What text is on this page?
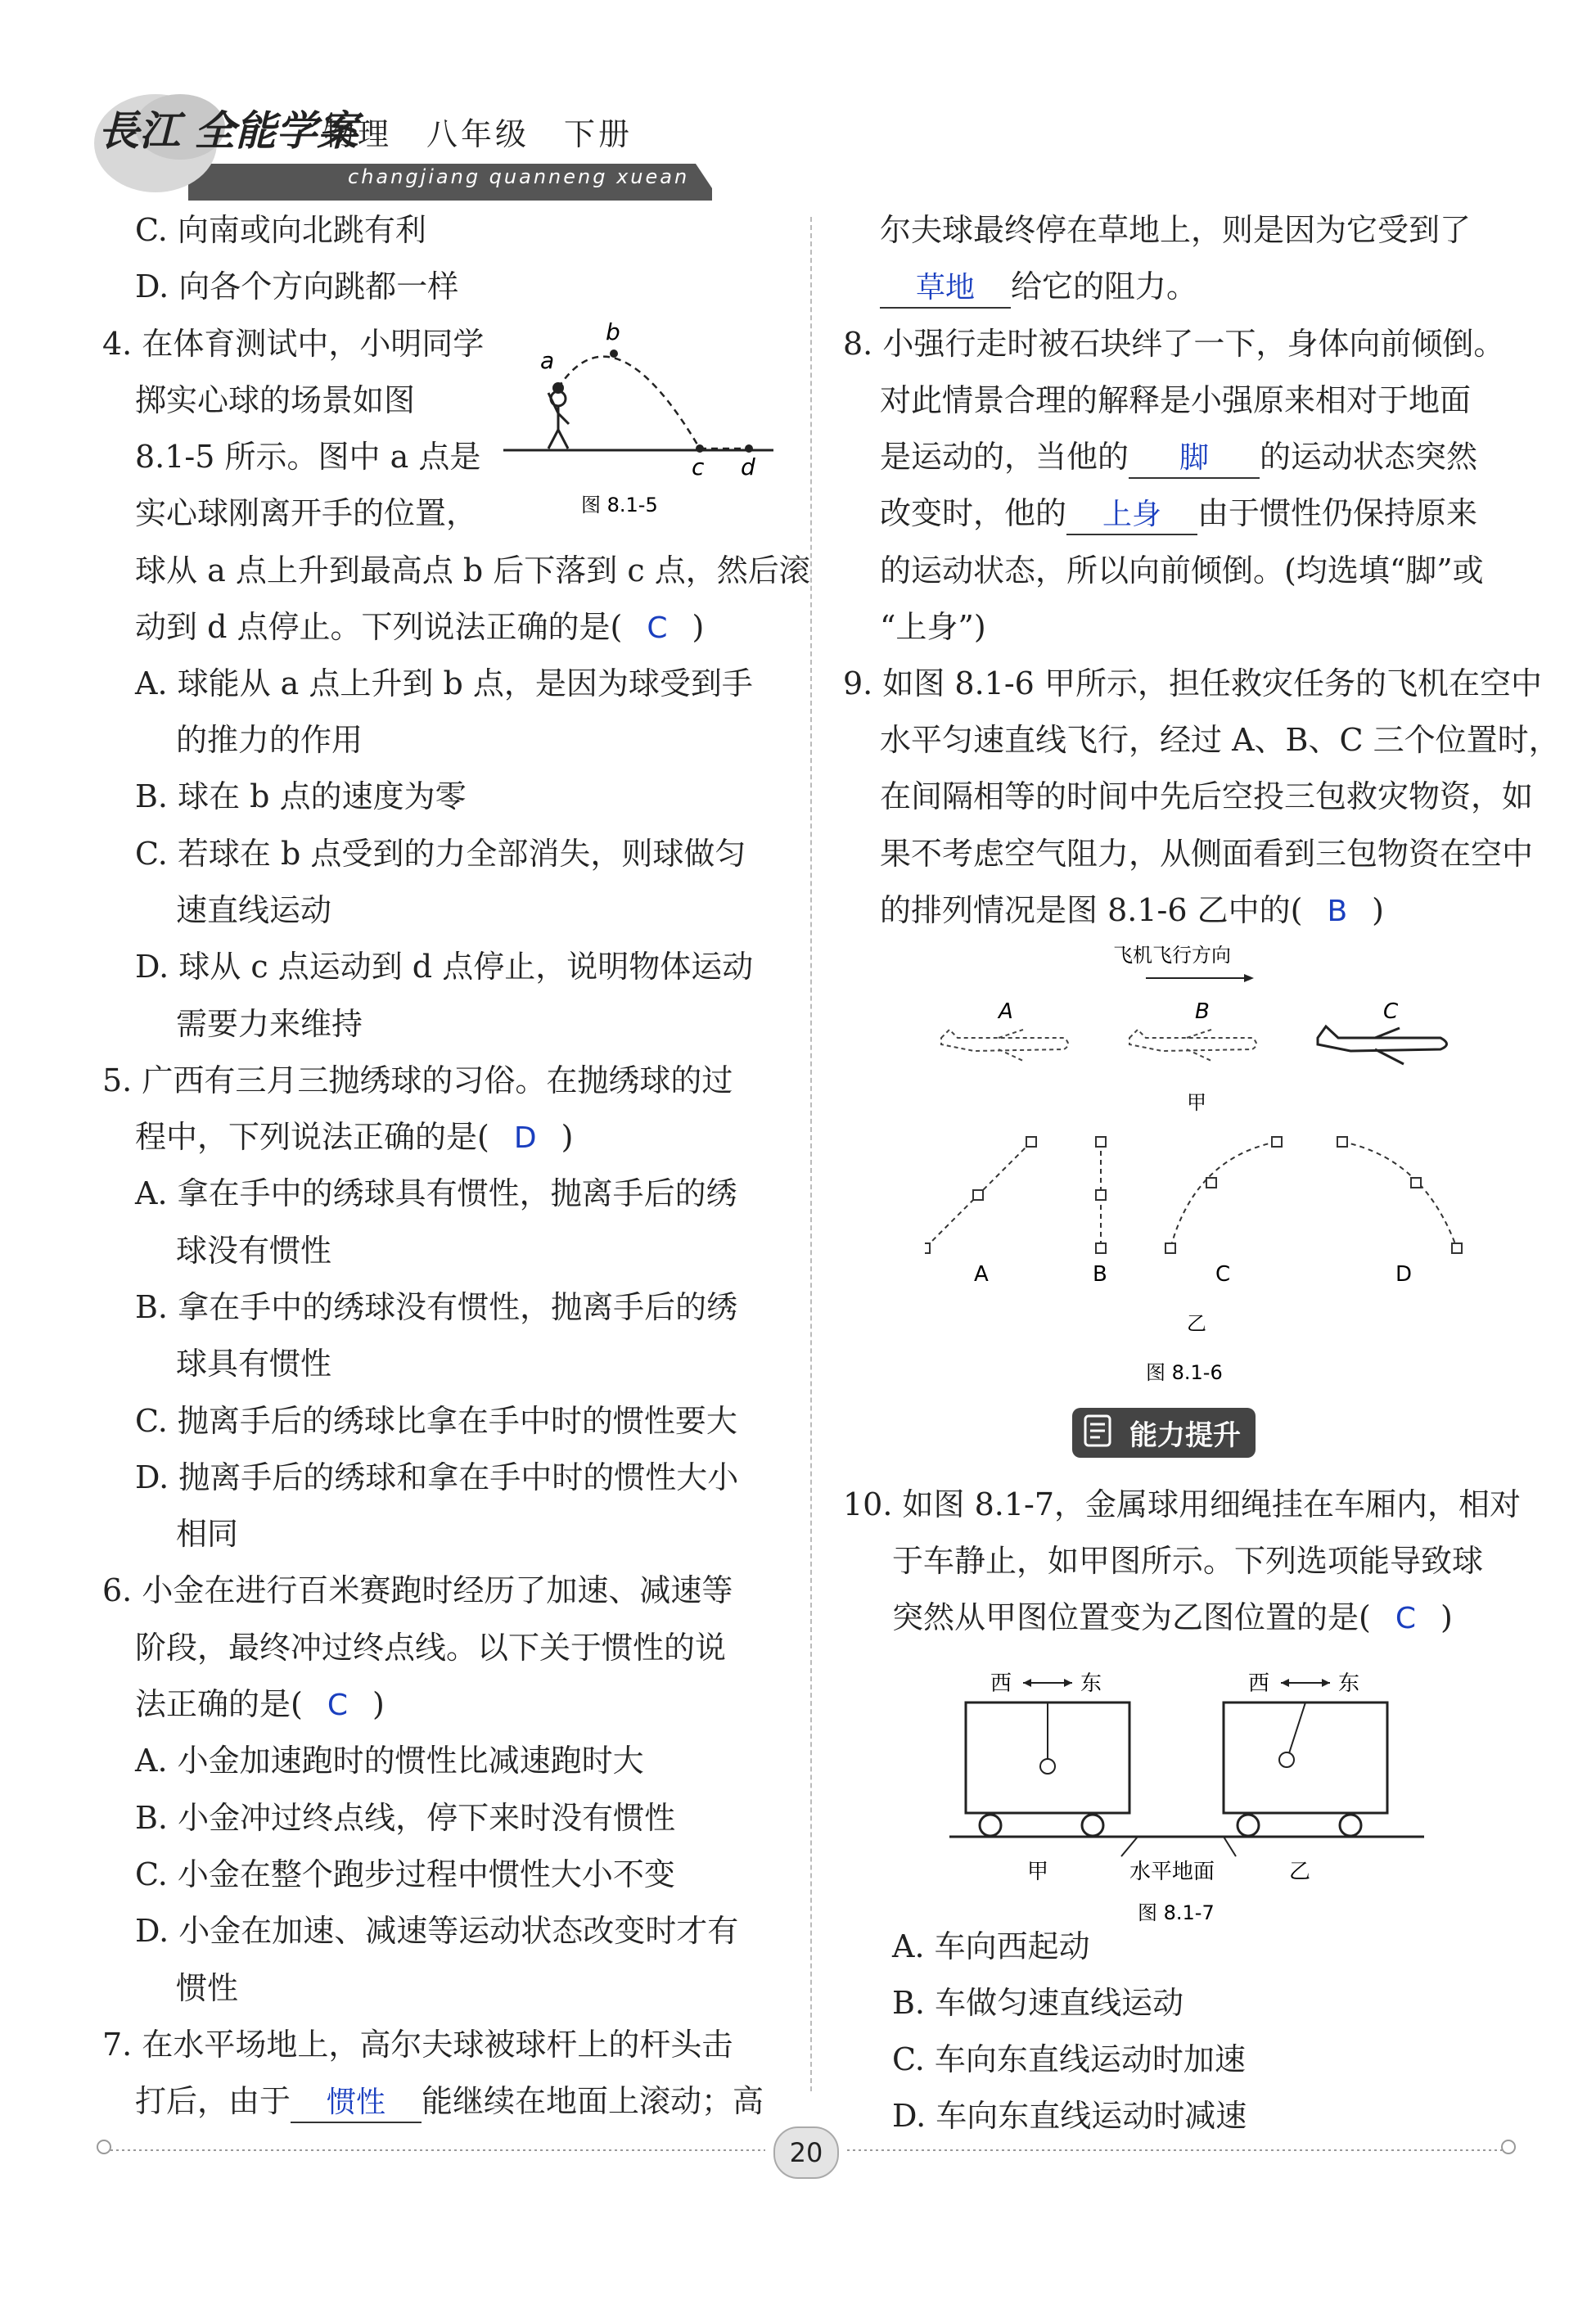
長江 全能学案
物理　八年级　下册
changjiang quanneng xuean
C. 向南或向北跳有利
D. 向各个方向跳都一样
4. 在体育测试中，小明同学
掷实心球的场景如图
8.1-5 所示。图中 a 点是
实心球刚离开手的位置，
球从 a 点上升到最高点 b 后下落到 c 点，然后滚
动到 d 点停止。下列说法正确的是( C )
A. 球能从 a 点上升到 b 点，是因为球受到手
的推力的作用
B. 球在 b 点的速度为零
C. 若球在 b 点受到的力全部消失，则球做匀
速直线运动
D. 球从 c 点运动到 d 点停止，说明物体运动
需要力来维持
5. 广西有三月三抛绣球的习俗。在抛绣球的过
程中，下列说法正确的是( D )
A. 拿在手中的绣球具有惯性，抛离手后的绣
球没有惯性
B. 拿在手中的绣球没有惯性，抛离手后的绣
球具有惯性
C. 抛离手后的绣球比拿在手中时的惯性要大
D. 抛离手后的绣球和拿在手中时的惯性大小
相同
6. 小金在进行百米赛跑时经历了加速、减速等
阶段，最终冲过终点线。以下关于惯性的说
法正确的是( C )
A. 小金加速跑时的惯性比减速跑时大
B. 小金冲过终点线，停下来时没有惯性
C. 小金在整个跑步过程中惯性大小不变
D. 小金在加速、减速等运动状态改变时才有
惯性
7. 在水平场地上，高尔夫球被球杆上的杆头击
打后，由于 惯性 能继续在地面上滚动；高
a
b
c d
图 8.1-5
尔夫球最终停在草地上，则是因为它受到了
草地 给它的阻力。
8. 小强行走时被石块绊了一下，身体向前倾倒。
对此情景合理的解释是小强原来相对于地面
是运动的，当他的 脚 的运动状态突然
改变时，他的 上身 由于惯性仍保持原来
的运动状态，所以向前倾倒。(均选填“脚”或
“上身”)
9. 如图 8.1-6 甲所示，担任救灾任务的飞机在空中
水平匀速直线飞行，经过 A、B、C 三个位置时，
在间隔相等的时间中先后空投三包救灾物资，如
果不考虑空气阻力，从侧面看到三包物资在空中
的排列情况是图 8.1-6 乙中的( B )
飞机飞行方向
A	B	C
甲
A	B	C	D
乙
图 8.1-6
能力提升
10. 如图 8.1-7，金属球用细绳挂在车厢内，相对
于车静止，如甲图所示。下列选项能导致球
突然从甲图位置变为乙图位置的是( C )
西	东	西	东
甲	水平地面	乙
图 8.1-7
A. 车向西起动
B. 车做匀速直线运动
C. 车向东直线运动时加速
D. 车向东直线运动时减速
20
